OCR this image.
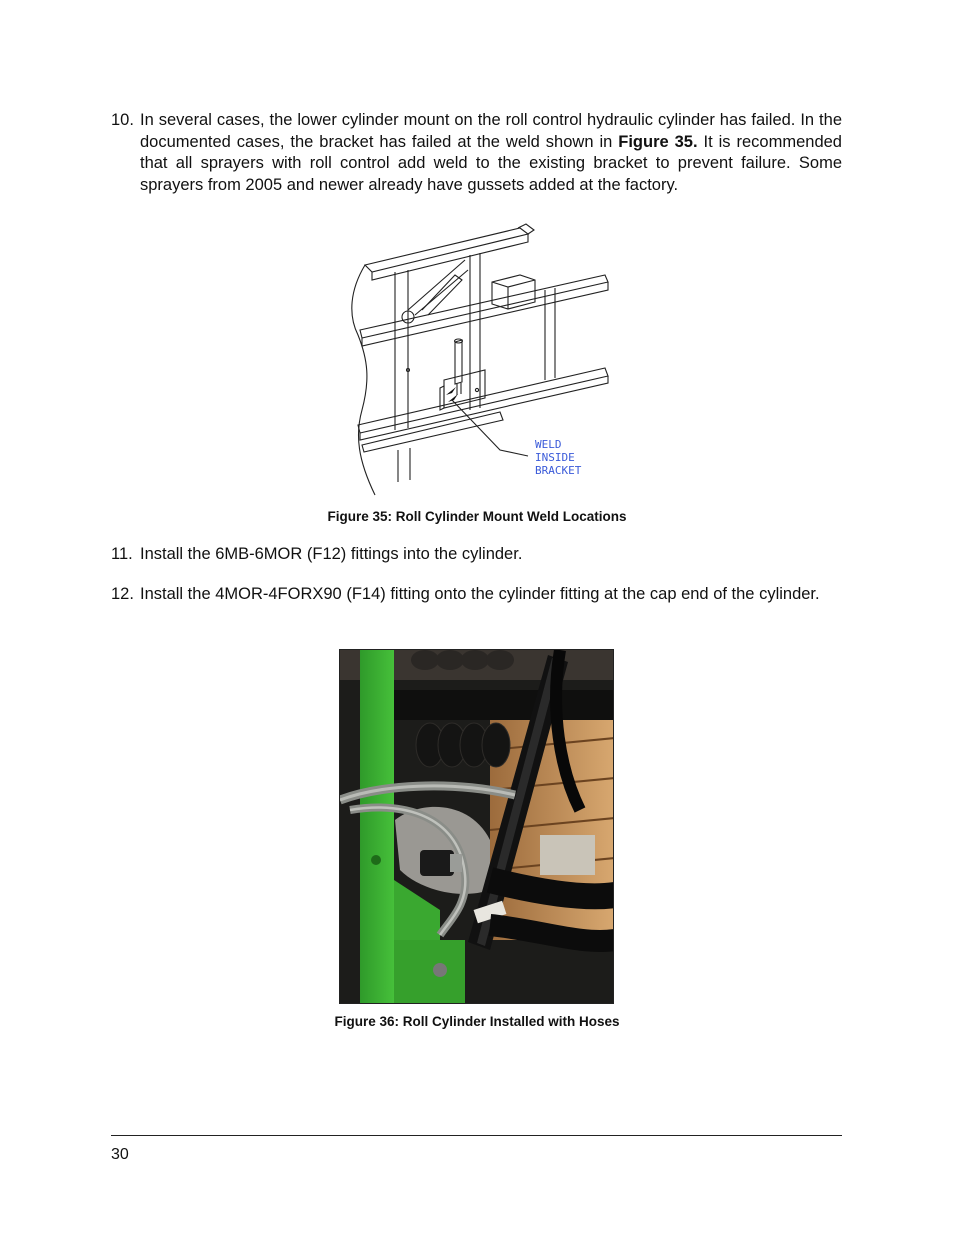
10. In several cases, the lower cylinder mount on the roll control hydraulic cylinder has failed. In the documented cases, the bracket has failed at the weld shown in Figure 35. It is recommended that all sprayers with roll control add weld to the existing bracket to prevent failure. Some sprayers from 2005 and newer already have gussets added at the factory.
WELD
INSIDE
BRACKET
Figure 35: Roll Cylinder Mount Weld Locations
11. Install the 6MB-6MOR (F12) fittings into the cylinder.
12. Install the 4MOR-4FORX90 (F14) fitting onto the cylinder fitting at the cap end of the cylinder.
Figure 36: Roll Cylinder Installed with Hoses
30
